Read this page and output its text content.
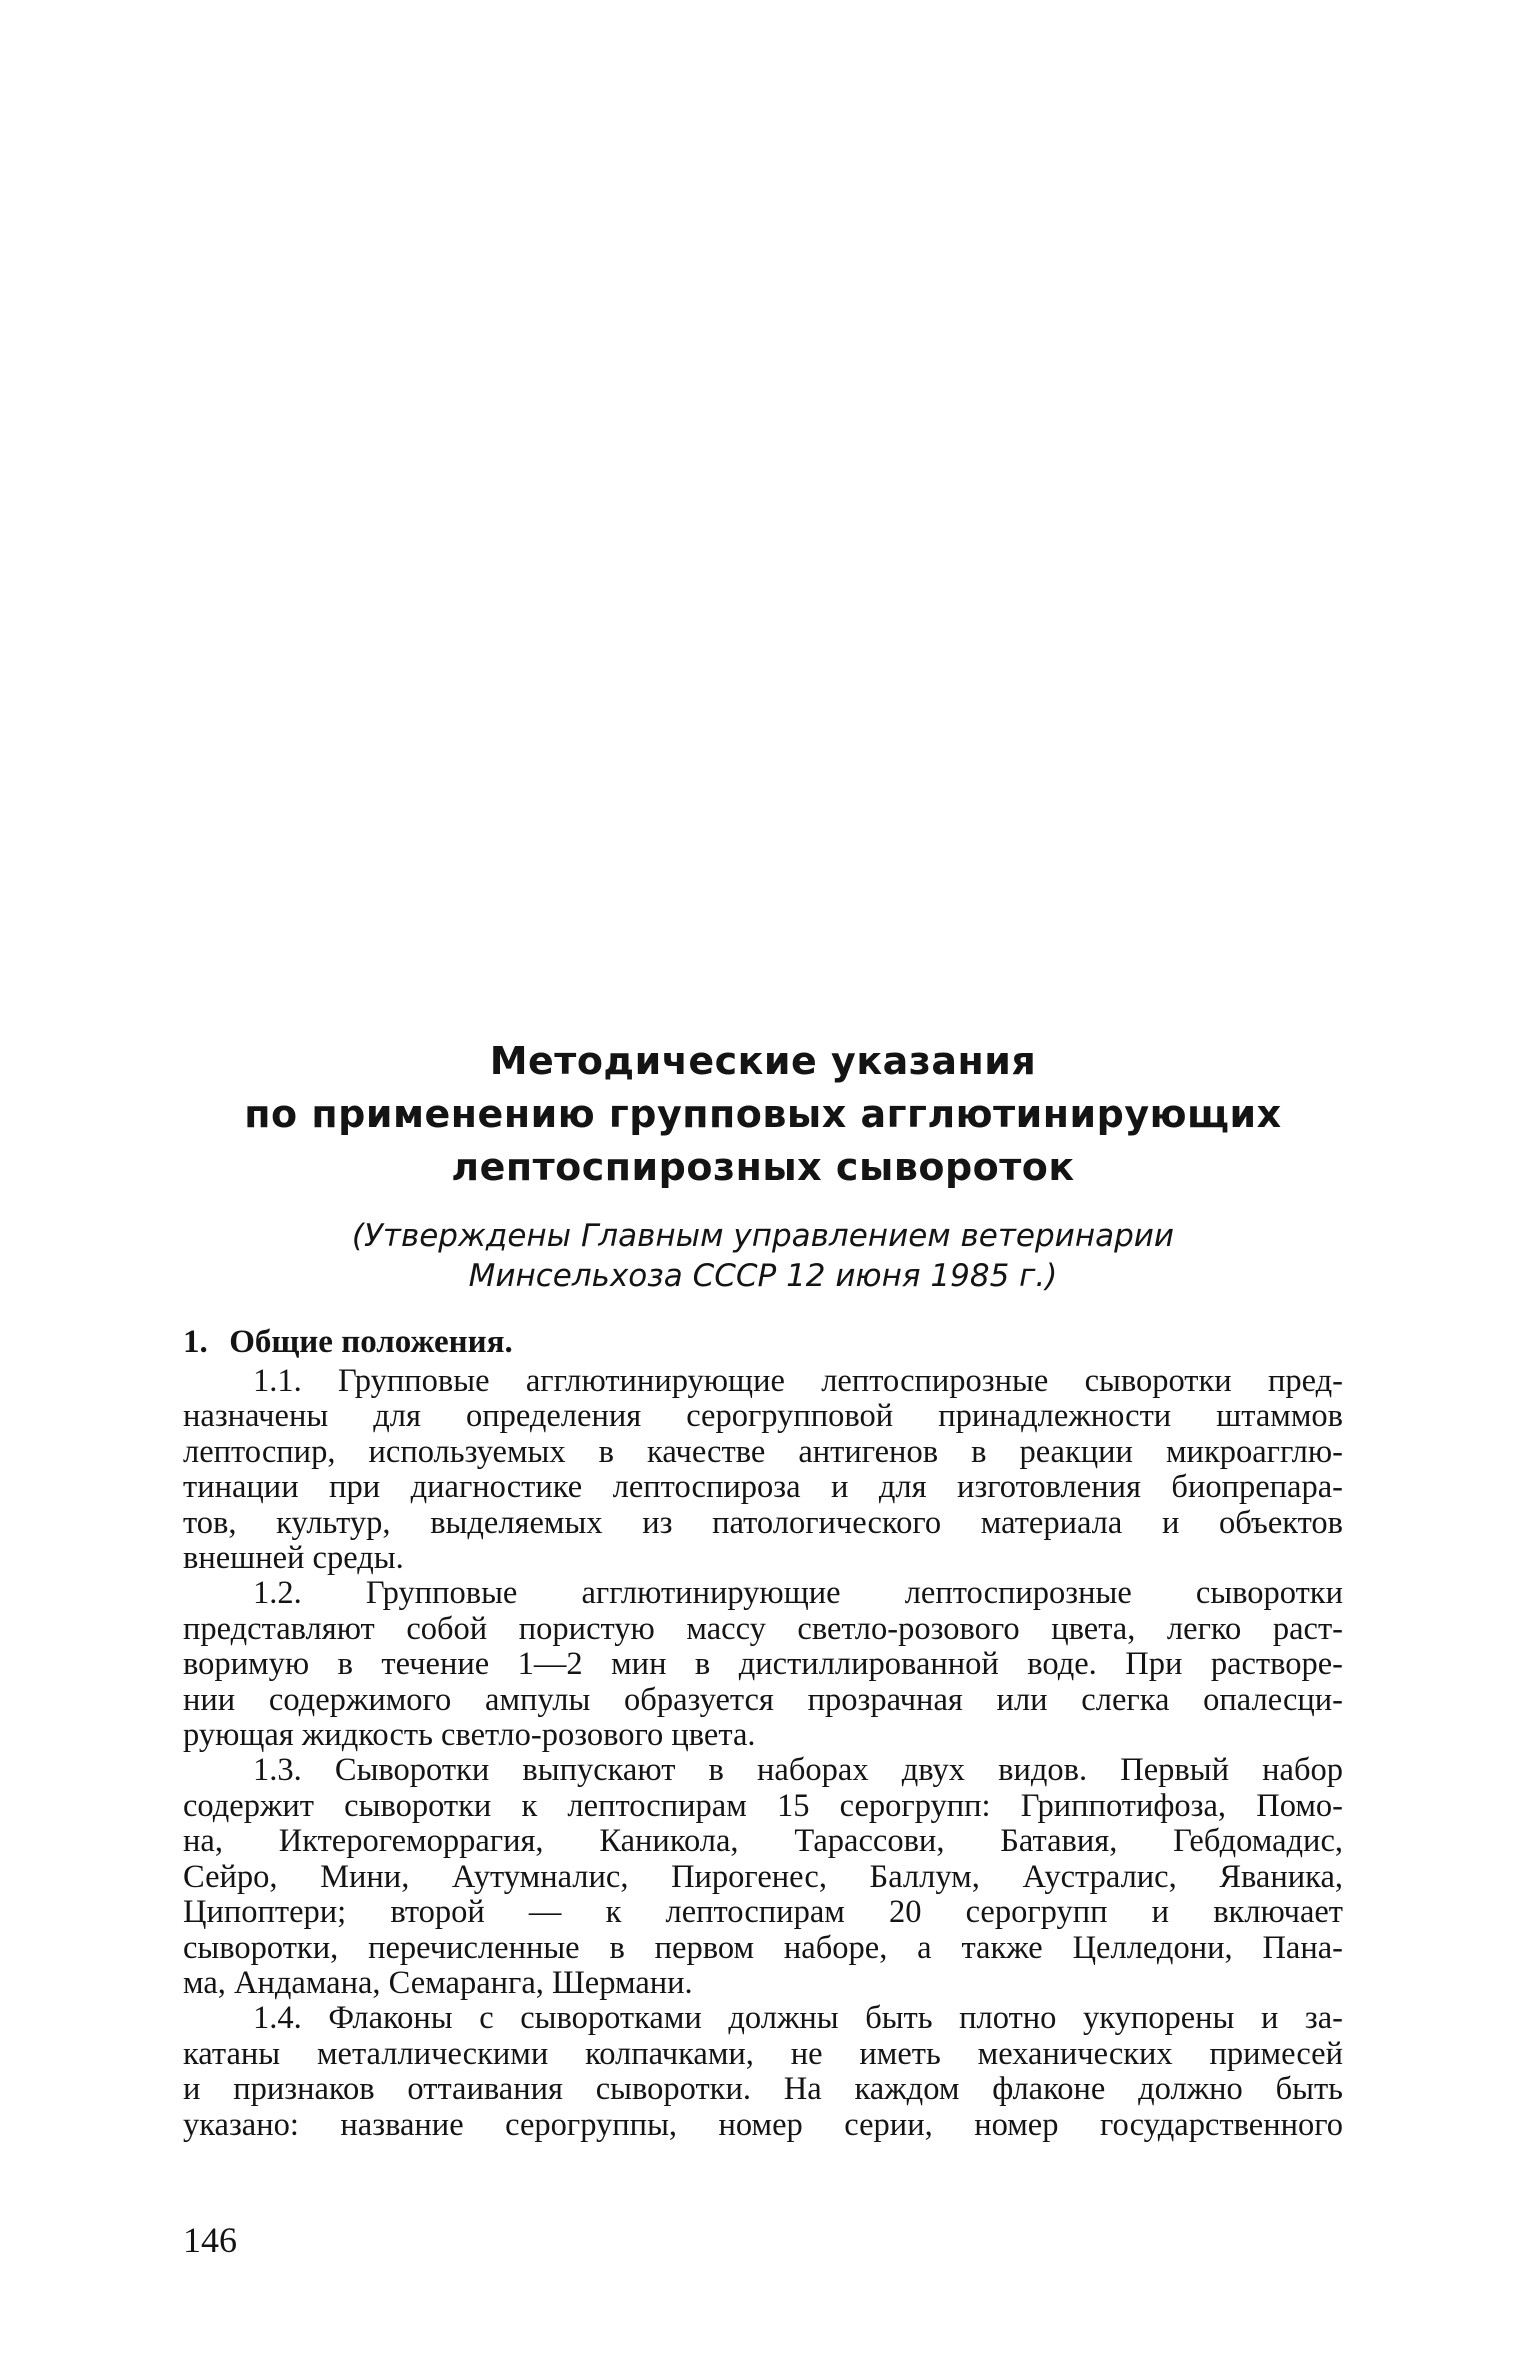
Методические указания
по применению групповых агглютинирующих
лептоспирозных сывороток
(Утверждены Главным управлением ветеринарии
Минсельхоза СССР 12 июня 1985 г.)
1. Общие положения.
1.1. Групповые агглютинирующие лептоспирозные сыворотки пред-
назначены для определения серогрупповой принадлежности штаммов
лептоспир, используемых в качестве антигенов в реакции микроагглю-
тинации при диагностике лептоспироза и для изготовления биопрепара-
тов, культур, выделяемых из патологического материала и объектов
внешней среды.
1.2. Групповые агглютинирующие лептоспирозные сыворотки
представляют собой пористую массу светло-розового цвета, легко раст-
воримую в течение 1—2 мин в дистиллированной воде. При растворе-
нии содержимого ампулы образуется прозрачная или слегка опалесци-
рующая жидкость светло-розового цвета.
1.3. Сыворотки выпускают в наборах двух видов. Первый набор
содержит сыворотки к лептоспирам 15 серогрупп: Гриппотифоза, Помо-
на, Иктерогеморрагия, Каникола, Тарассови, Батавия, Гебдомадис,
Сейро, Мини, Аутумналис, Пирогенес, Баллум, Аустралис, Яваника,
Ципоптери; второй — к лептоспирам 20 серогрупп и включает
сыворотки, перечисленные в первом наборе, а также Целледони, Пана-
ма, Андамана, Семаранга, Шермани.
1.4. Флаконы с сыворотками должны быть плотно укупорены и за-
катаны металлическими колпачками, не иметь механических примесей
и признаков оттаивания сыворотки. На каждом флаконе должно быть
указано: название серогруппы, номер серии, номер государственного
146
